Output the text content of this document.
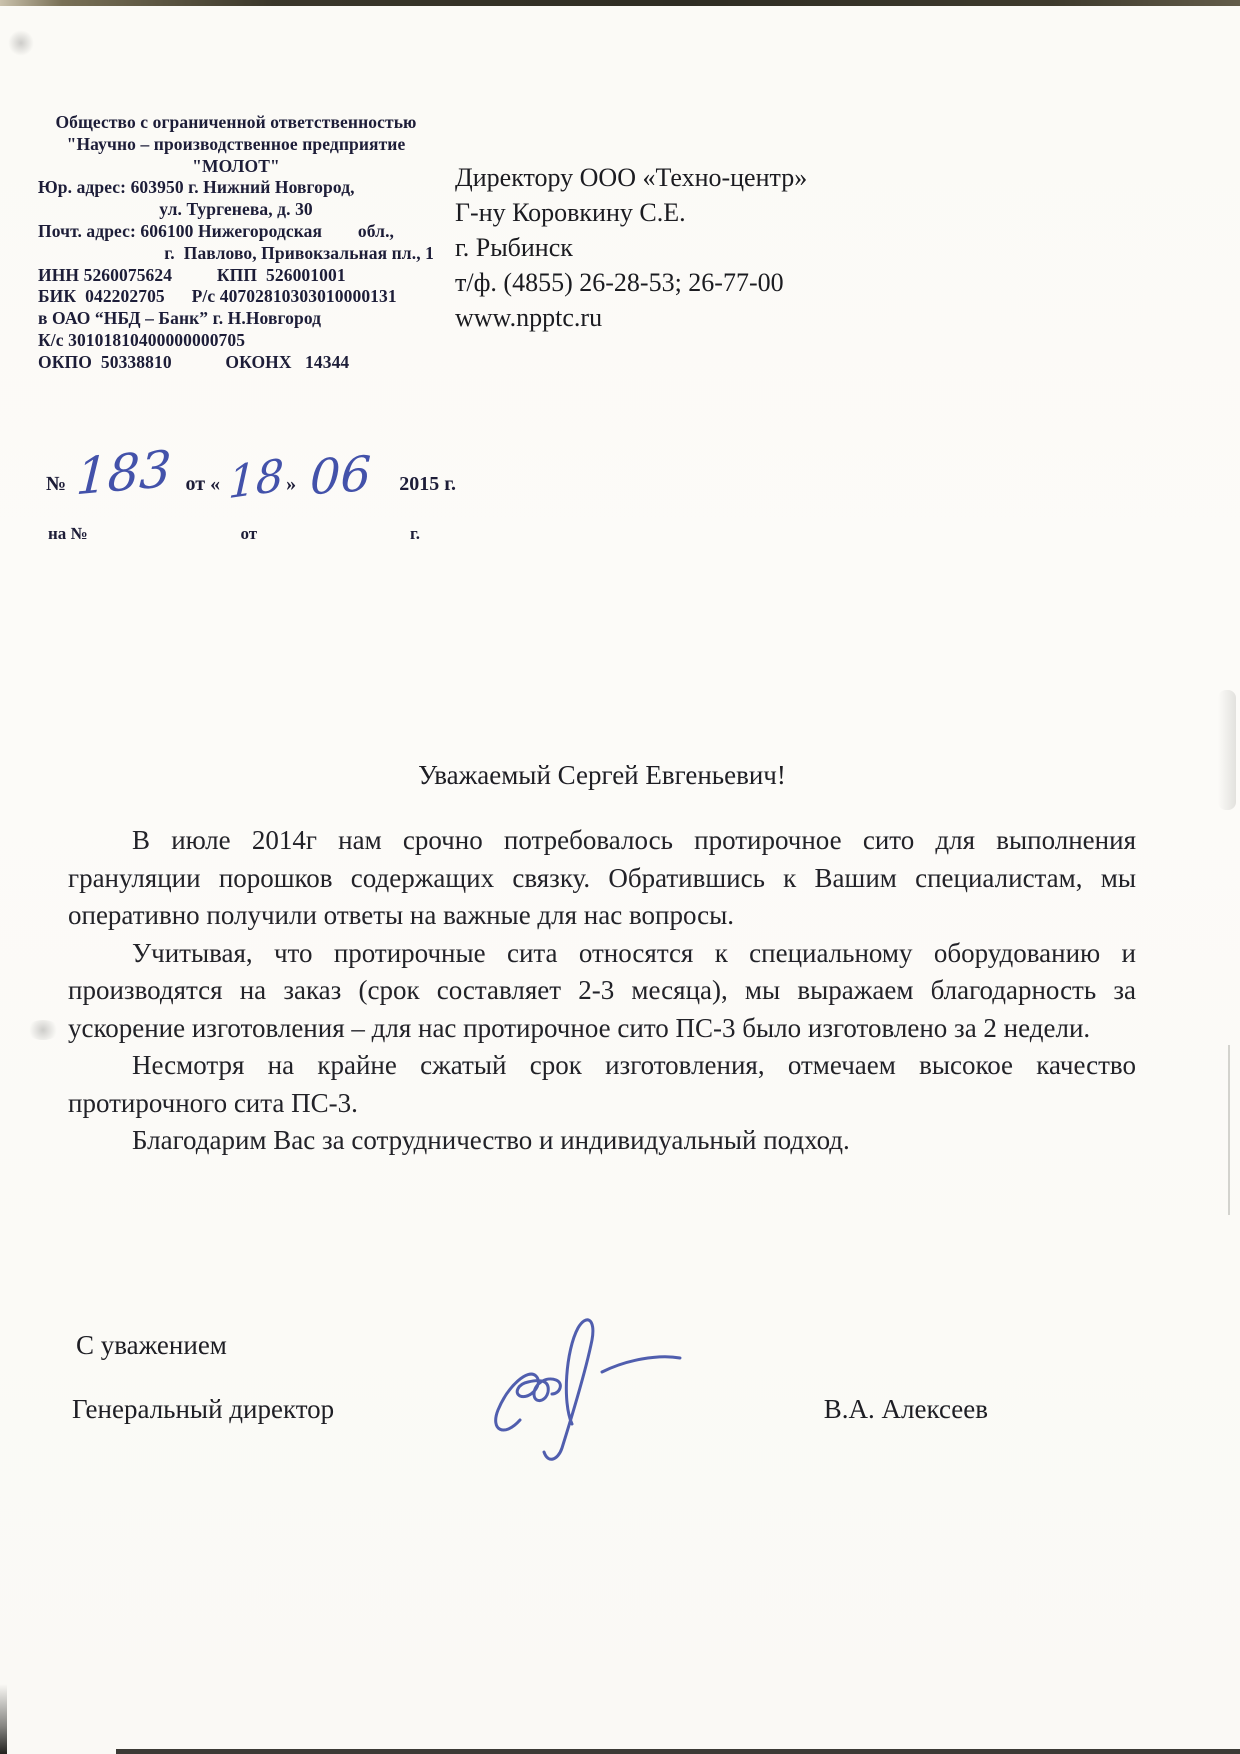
Общество с ограниченной ответственностью
"Научно – производственное предприятие
"МОЛОТ"
Юр. адрес: 603950 г. Нижний Новгород,
ул. Тургенева, д. 30
Почт. адрес: 606100 Нижегородская        обл.,
г.  Павлово, Привокзальная пл., 1
ИНН 5260075624          КПП  526001001
БИК  042202705      Р/с 40702810303010000131
в ОАО “НБД – Банк” г. Н.Новгород
К/с 30101810400000000705
ОКПО  50338810            ОКОНХ   14344
Директору ООО «Техно-центр»
Г-ну Коровкину С.Е.
г. Рыбинск
т/ф. (4855) 26-28-53; 26-77-00
www.npptc.ru
№ 183 от « 18 » 06 2015 г.
на №	от	г.
Уважаемый Сергей Евгеньевич!

В июле 2014г нам срочно потребовалось протирочное сито для выполнения грануляции порошков содержащих связку. Обратившись к Вашим специалистам, мы оперативно получили ответы на важные для нас вопросы.

Учитывая, что протирочные сита относятся к специальному оборудованию и производятся на заказ (срок составляет 2-3 месяца), мы выражаем благодарность за ускорение изготовления – для нас протирочное сито ПС-3 было изготовлено за 2 недели.

Несмотря на крайне сжатый срок изготовления, отмечаем высокое качество протирочного сита ПС-3.

Благодарим Вас за сотрудничество и индивидуальный подход.

С уважением
Генеральный директор	В.А. Алексеев
